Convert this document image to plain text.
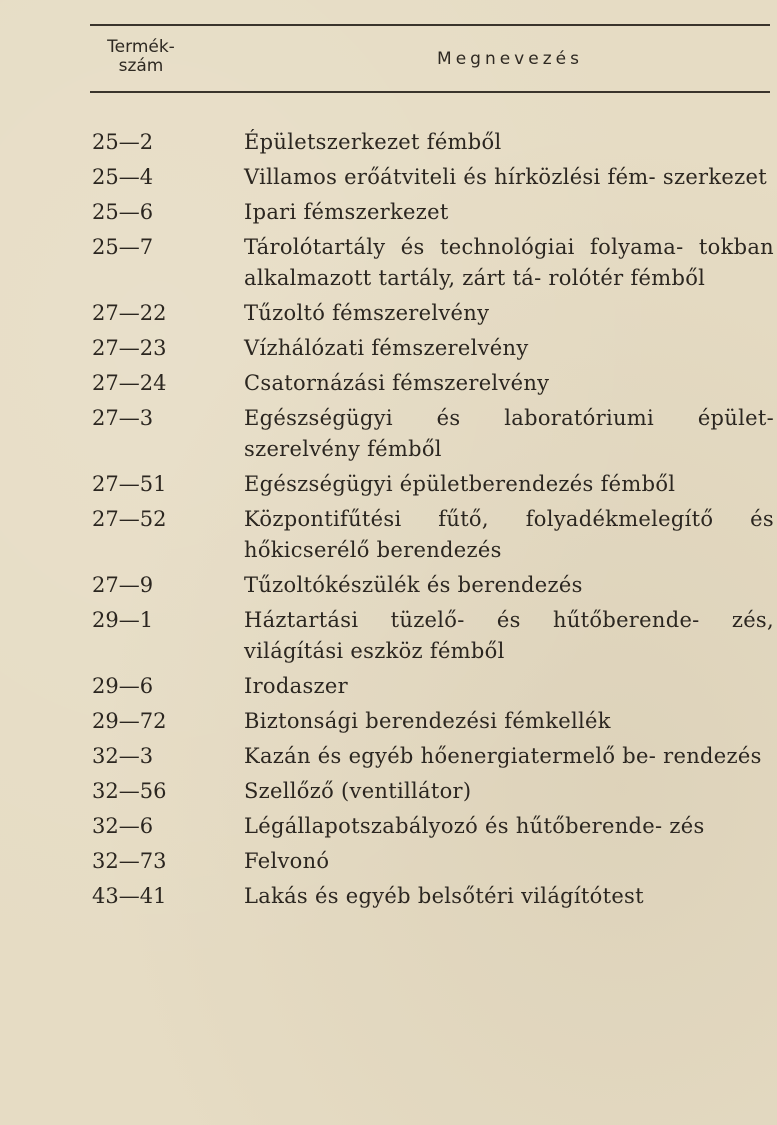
Termék-
szám	Megnevezés
25—2	Épületszerkezet fémből
25—4	Villamos erőátviteli és hírközlési fém- szerkezet
25—6	Ipari fémszerkezet
25—7	Tárolótartály és technológiai folyama- tokban alkalmazott tartály, zárt tá- rolótér fémből
27—22	Tűzoltó fémszerelvény
27—23	Vízhálózati fémszerelvény
27—24	Csatornázási fémszerelvény
27—3	Egészségügyi és laboratóriumi épület- szerelvény fémből
27—51	Egészségügyi épületberendezés fémből
27—52	Központifűtési fűtő, folyadékmelegítő és hőkicserélő berendezés
27—9	Tűzoltókészülék és berendezés
29—1	Háztartási tüzelő- és hűtőberende- zés, világítási eszköz fémből
29—6	Irodaszer
29—72	Biztonsági berendezési fémkellék
32—3	Kazán és egyéb hőenergiatermelő be- rendezés
32—56	Szellőző (ventillátor)
32—6	Légállapotszabályozó és hűtőberende- zés
32—73	Felvonó
43—41	Lakás és egyéb belsőtéri világítótest
